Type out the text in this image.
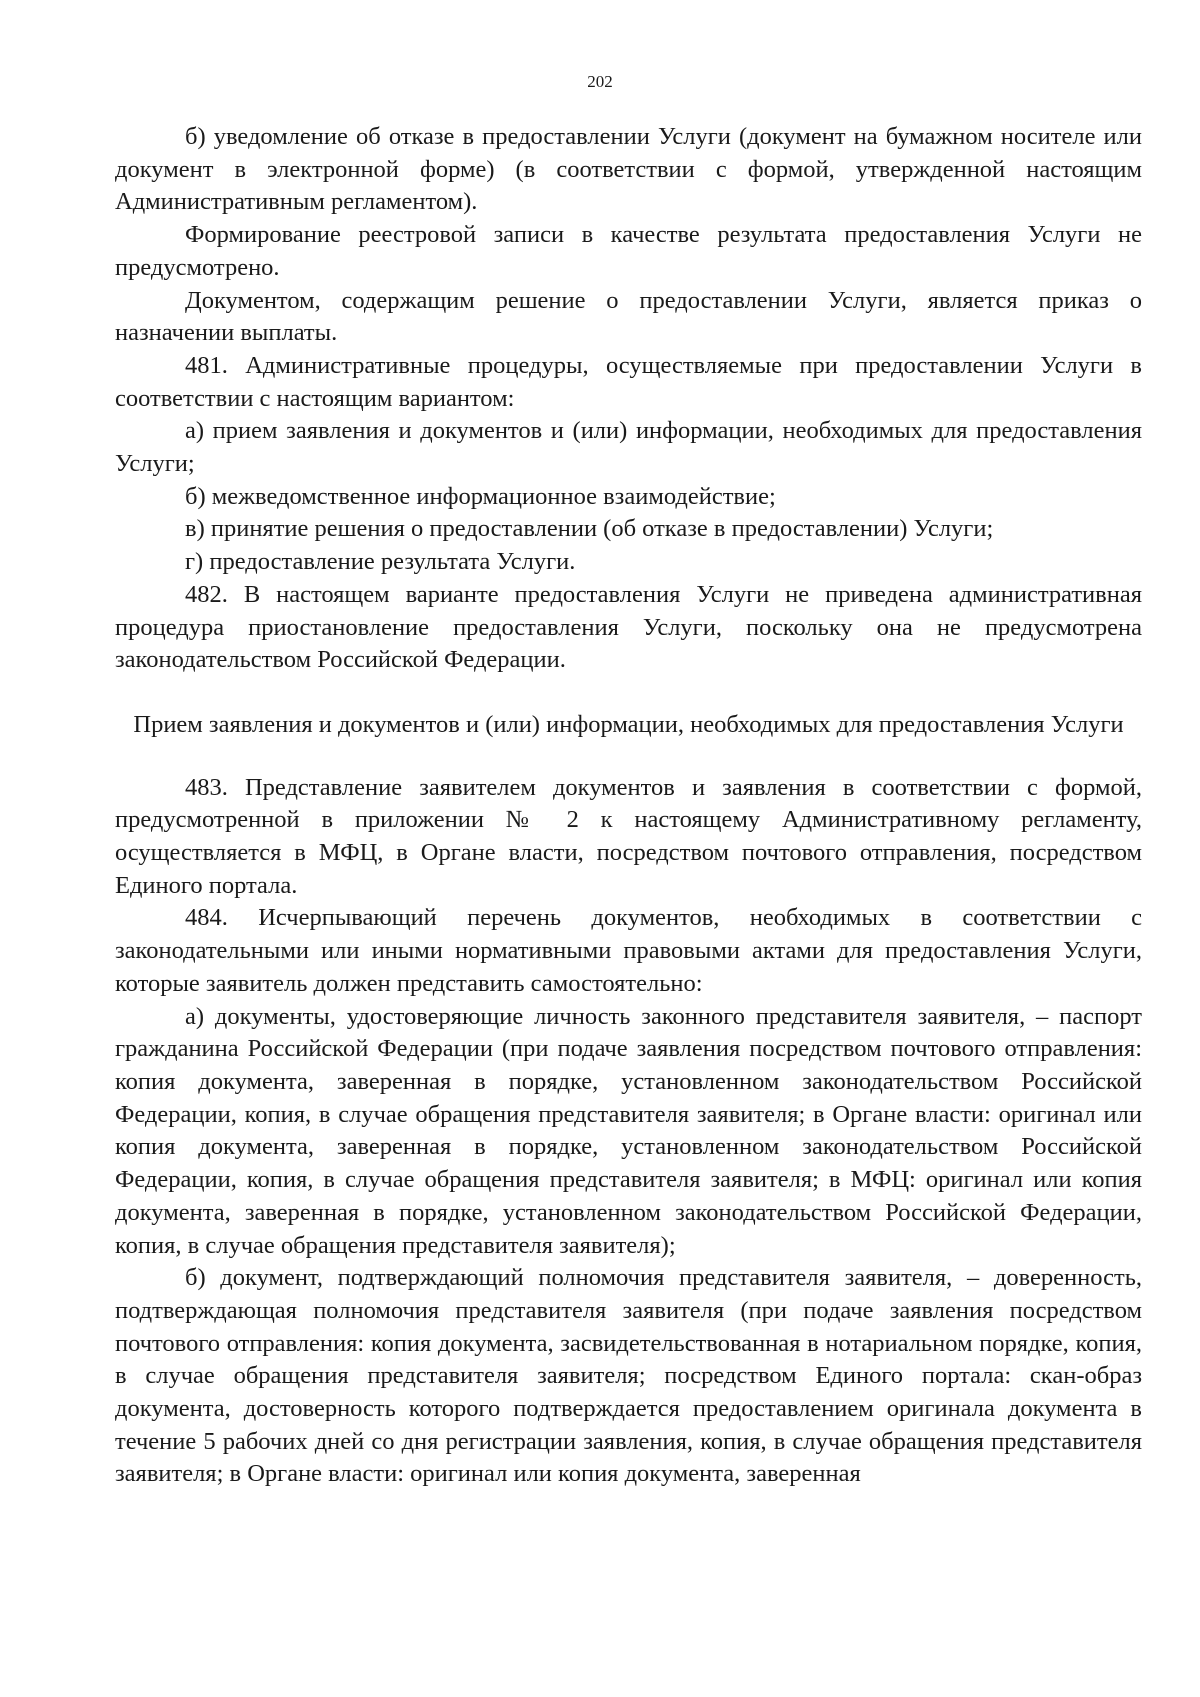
202

б) уведомление об отказе в предоставлении Услуги (документ на бумажном носителе или документ в электронной форме) (в соответствии с формой, утвержденной настоящим Административным регламентом).

Формирование реестровой записи в качестве результата предоставления Услуги не предусмотрено.

Документом, содержащим решение о предоставлении Услуги, является приказ о назначении выплаты.

481. Административные процедуры, осуществляемые при предоставлении Услуги в соответствии с настоящим вариантом:

а) прием заявления и документов и (или) информации, необходимых для предоставления Услуги;

б) межведомственное информационное взаимодействие;

в) принятие решения о предоставлении (об отказе в предоставлении) Услуги;

г) предоставление результата Услуги.

482. В настоящем варианте предоставления Услуги не приведена административная процедура приостановление предоставления Услуги, поскольку она не предусмотрена законодательством Российской Федерации.

Прием заявления и документов и (или) информации, необходимых для предоставления Услуги

483. Представление заявителем документов и заявления в соответствии с формой, предусмотренной в приложении № 2 к настоящему Административному регламенту, осуществляется в МФЦ, в Органе власти, посредством почтового отправления, посредством Единого портала.

484. Исчерпывающий перечень документов, необходимых в соответствии с законодательными или иными нормативными правовыми актами для предоставления Услуги, которые заявитель должен представить самостоятельно:

а) документы, удостоверяющие личность законного представителя заявителя, – паспорт гражданина Российской Федерации (при подаче заявления посредством почтового отправления: копия документа, заверенная в порядке, установленном законодательством Российской Федерации, копия, в случае обращения представителя заявителя; в Органе власти: оригинал или копия документа, заверенная в порядке, установленном законодательством Российской Федерации, копия, в случае обращения представителя заявителя; в МФЦ: оригинал или копия документа, заверенная в порядке, установленном законодательством Российской Федерации, копия, в случае обращения представителя заявителя);

б) документ, подтверждающий полномочия представителя заявителя, – доверенность, подтверждающая полномочия представителя заявителя (при подаче заявления посредством почтового отправления: копия документа, засвидетельствованная в нотариальном порядке, копия, в случае обращения представителя заявителя; посредством Единого портала: скан-образ документа, достоверность которого подтверждается предоставлением оригинала документа в течение 5 рабочих дней со дня регистрации заявления, копия, в случае обращения представителя заявителя; в Органе власти: оригинал или копия документа, заверенная
